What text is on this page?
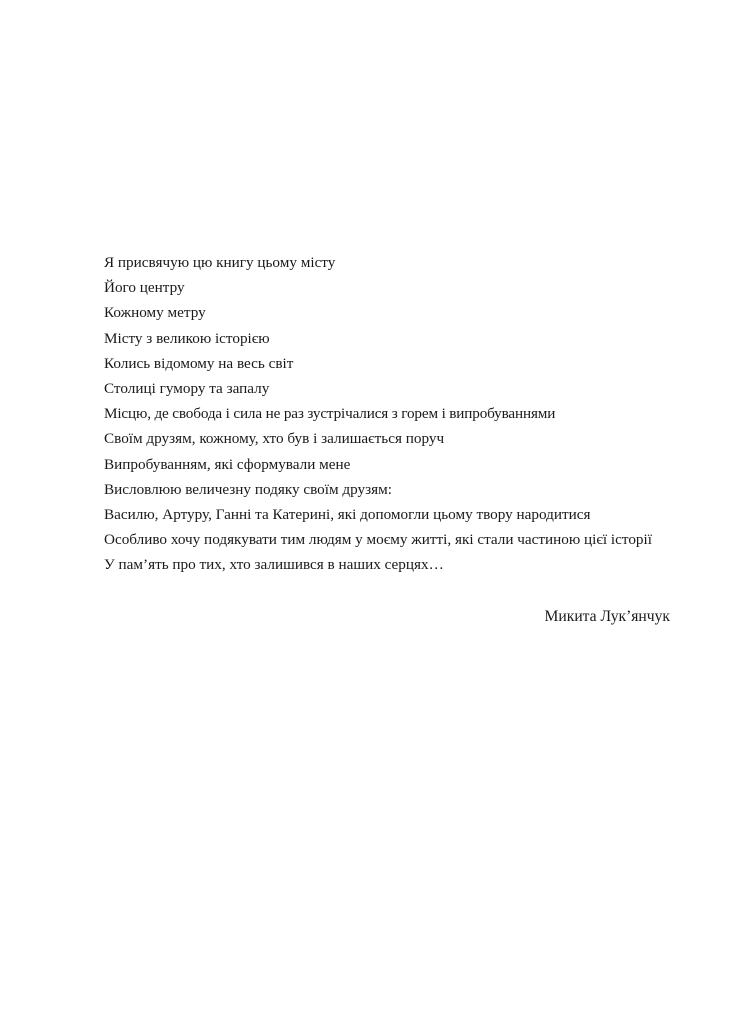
Я присвячую цю книгу цьому місту
Його центру
Кожному метру
Місту з великою історією
Колись відомому на весь світ
Столиці гумору та запалу
Місцю, де свобода і сила не раз зустрічалися з горем і випробуваннями
Своїм друзям, кожному, хто був і залишається поруч
Випробуванням, які сформували мене
Висловлюю величезну подяку своїм друзям:

Василю, Артуру, Ганні та Катерині, які допомогли цьому твору народитися

Особливо хочу подякувати тим людям у моєму житті, які стали частиною цієї історії

У пам’ять про тих, хто залишився в наших серцях…

Микита Лук’янчук
